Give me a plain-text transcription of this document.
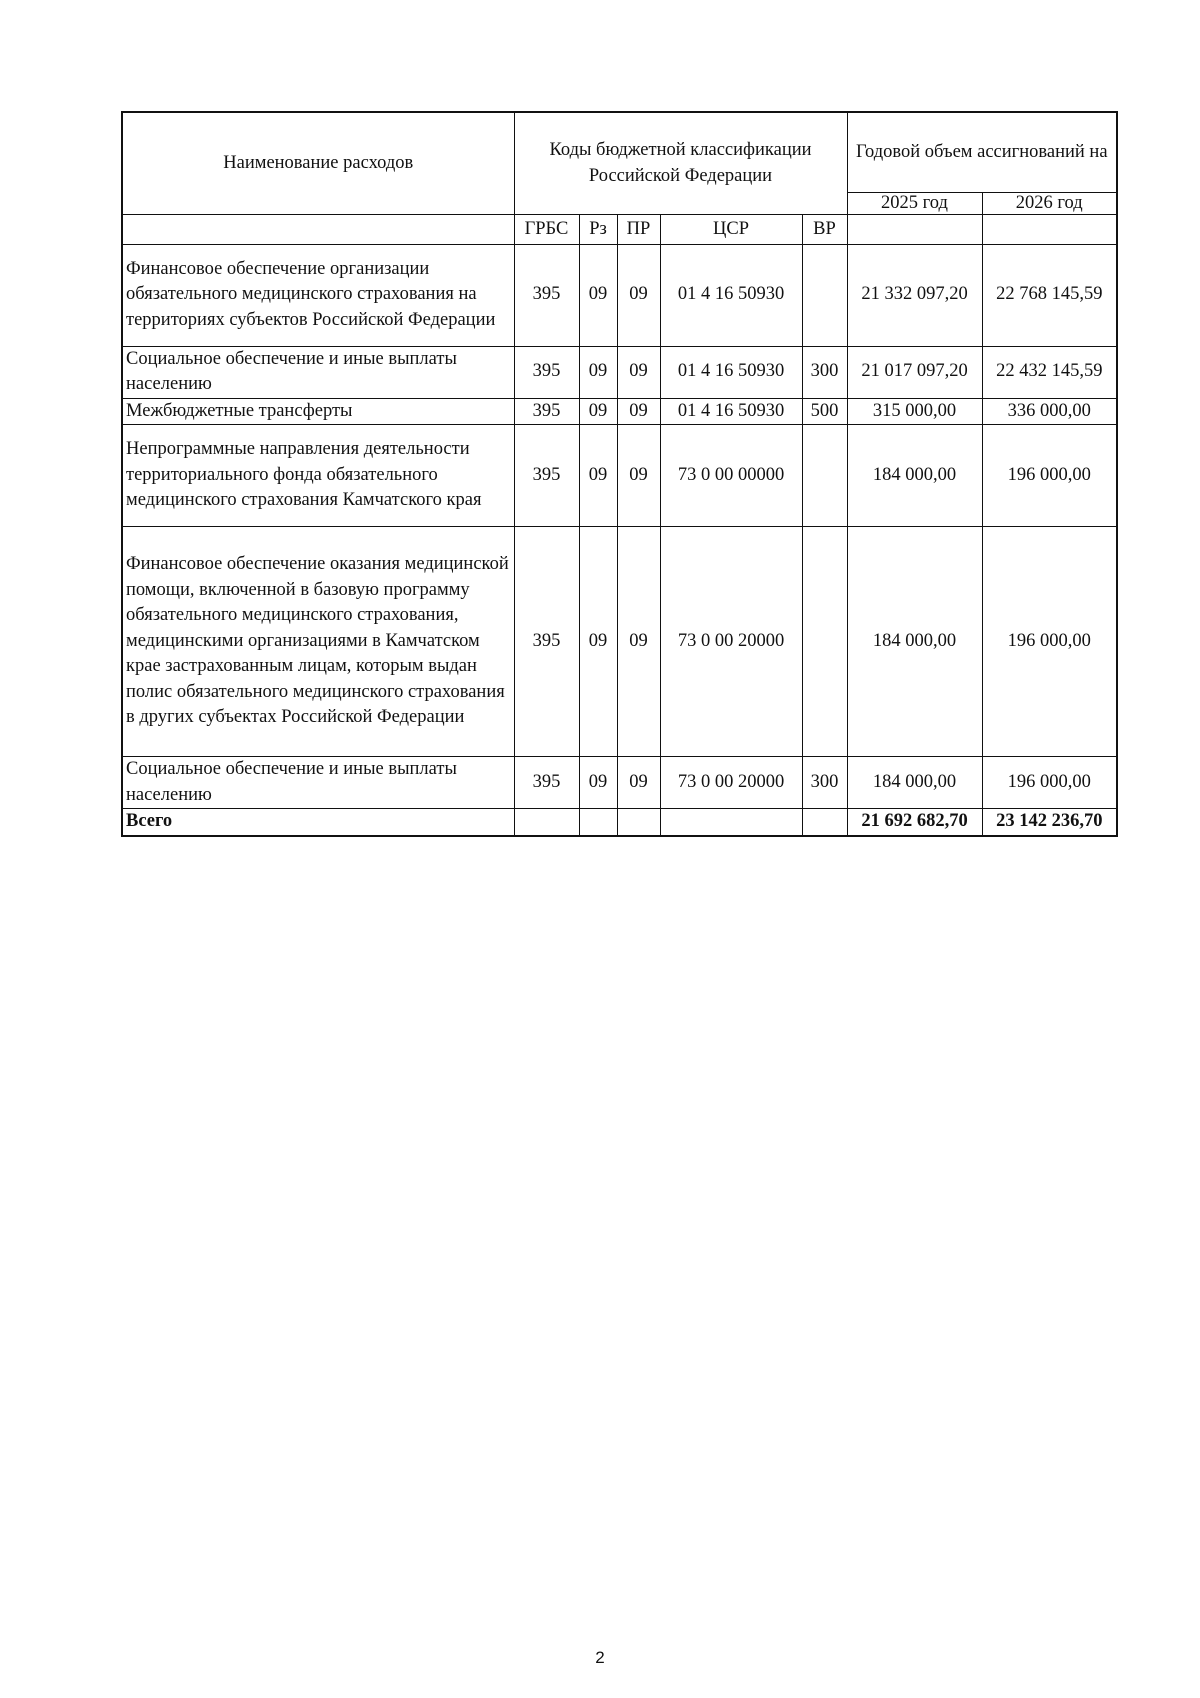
Наименование расходов	Коды бюджетной классификации Российской Федерации					Годовой объем ассигнований на	
						2025 год	2026 год
	ГРБС	Рз	ПР	ЦСР	ВР		
Финансовое обеспечение организации обязательного медицинского страхования на территориях субъектов Российской Федерации	395	09	09	01 4 16 50930		21 332 097,20	22 768 145,59
Социальное обеспечение и иные выплаты населению	395	09	09	01 4 16 50930	300	21 017 097,20	22 432 145,59
Межбюджетные трансферты	395	09	09	01 4 16 50930	500	315 000,00	336 000,00
Непрограммные направления деятельности территориального фонда обязательного медицинского страхования Камчатского края	395	09	09	73 0 00 00000		184 000,00	196 000,00
Финансовое обеспечение оказания медицинской помощи, включенной в базовую программу обязательного медицинского страхования, медицинскими организациями в Камчатском крае застрахованным лицам, которым выдан полис обязательного медицинского страхования в других субъектах Российской Федерации	395	09	09	73 0 00 20000		184 000,00	196 000,00
Социальное обеспечение и иные выплаты населению	395	09	09	73 0 00 20000	300	184 000,00	196 000,00
Всего						21 692 682,70	23 142 236,70
2
